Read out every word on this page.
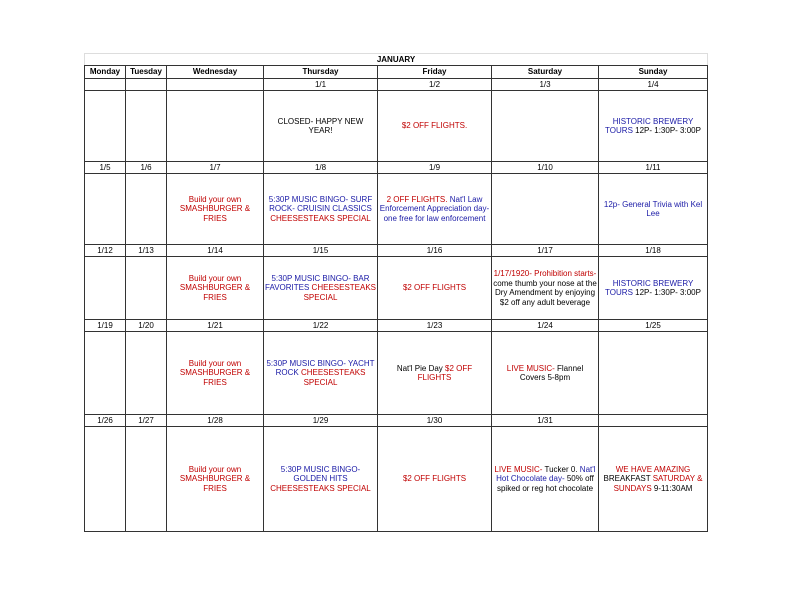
JANUARY						
Monday	Tuesday	Wednesday	Thursday	Friday	Saturday	Sunday
			1/1	1/2	1/3	1/4
			CLOSED- HAPPY NEW YEAR!	$2 OFF FLIGHTS.		HISTORIC BREWERY TOURS 12P- 1:30P- 3:00P
1/5	1/6	1/7	1/8	1/9	1/10	1/11
		Build your own SMASHBURGER & FRIES	5:30P MUSIC BINGO- SURF ROCK- CRUISIN CLASSICS CHEESESTEAKS SPECIAL	2 OFF FLIGHTS. Nat'l Law Enforcement Appreciation day- one free for law enforcement		12p- General Trivia with Kel Lee
1/12	1/13	1/14	1/15	1/16	1/17	1/18
		Build your own SMASHBURGER & FRIES	5:30P MUSIC BINGO- BAR FAVORITES CHEESESTEAKS SPECIAL	$2 OFF FLIGHTS	1/17/1920- Prohibition starts- come thumb your nose at the Dry Amendment by enjoying $2 off any adult beverage	HISTORIC BREWERY TOURS 12P- 1:30P- 3:00P
1/19	1/20	1/21	1/22	1/23	1/24	1/25
		Build your own SMASHBURGER & FRIES	5:30P MUSIC BINGO- YACHT ROCK CHEESESTEAKS SPECIAL	Nat'l Pie Day $2 OFF FLIGHTS	LIVE MUSIC- Flannel Covers 5-8pm	
1/26	1/27	1/28	1/29	1/30	1/31	
		Build your own SMASHBURGER & FRIES	5:30P MUSIC BINGO- GOLDEN HITS CHEESESTEAKS SPECIAL	$2 OFF FLIGHTS	LIVE MUSIC- Tucker 0. Nat'l Hot Chocolate day- 50% off spiked or reg hot chocolate	WE HAVE AMAZING BREAKFAST SATURDAY & SUNDAYS 9-11:30AM
